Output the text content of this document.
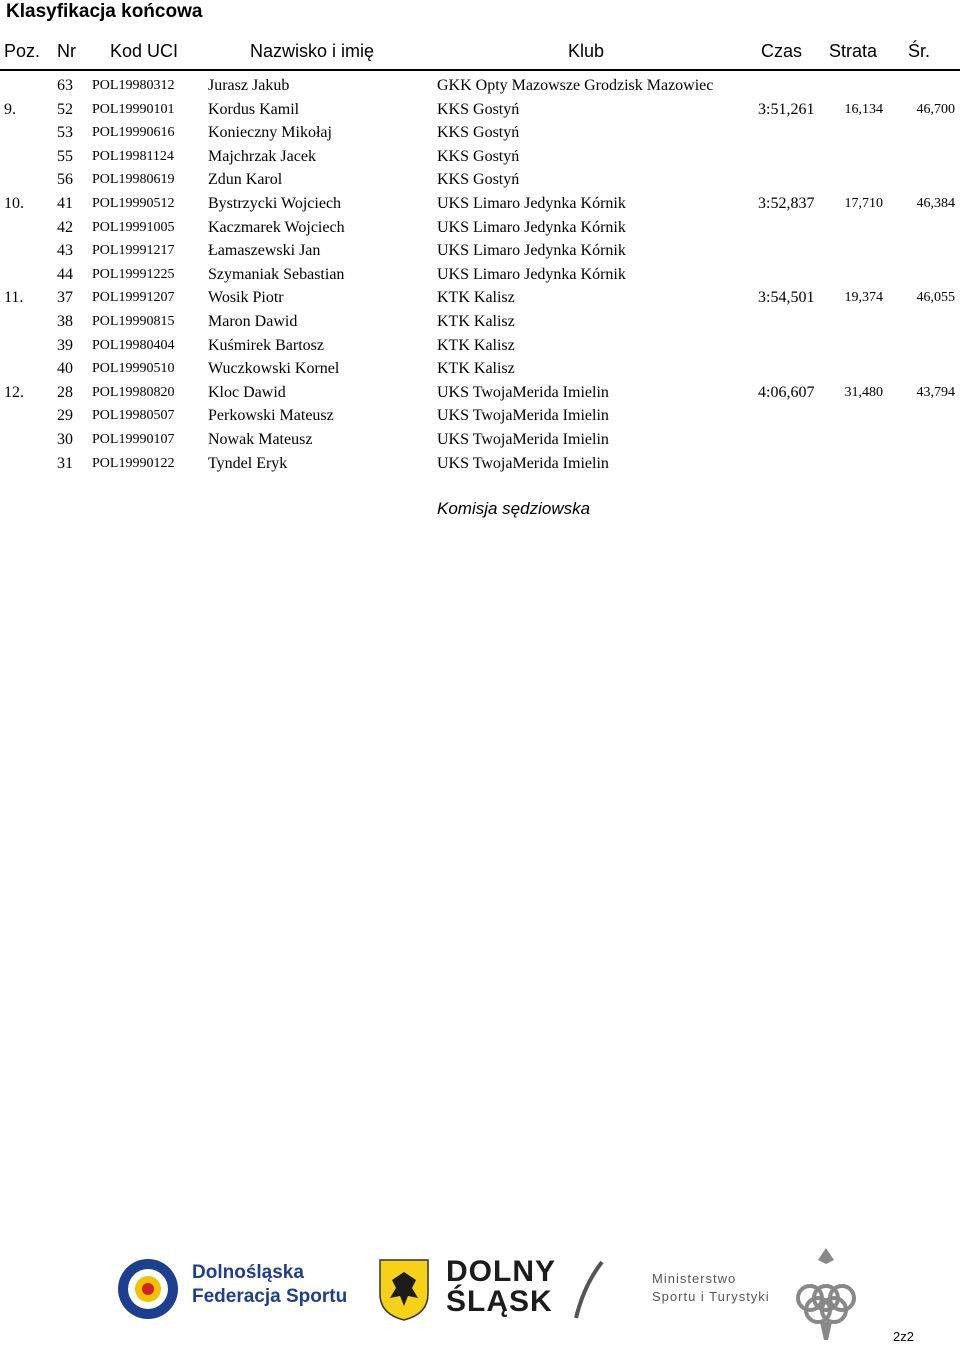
Klasyfikacja końcowa
Poz. Nr Kod UCI	Nazwisko i imię	Klub	Czas Strata Śr.
63 POL19980312 Jurasz Jakub	GKK Opty Mazowsze Grodzisk Mazowiec
9.	52 POL19990101 Kordus Kamil	KKS Gostyń	3:51,261	16,134	46,700
53 POL19990616 Konieczny Mikołaj	KKS Gostyń
55 POL19981124 Majchrzak Jacek	KKS Gostyń
56 POL19980619 Zdun Karol	KKS Gostyń
10. 41 POL19990512 Bystrzycki Wojciech	UKS Limaro Jedynka Kórnik	3:52,837	17,710	46,384
42 POL19991005 Kaczmarek Wojciech	UKS Limaro Jedynka Kórnik
43 POL19991217 Łamaszewski Jan	UKS Limaro Jedynka Kórnik
44 POL19991225 Szymaniak Sebastian	UKS Limaro Jedynka Kórnik
11. 37 POL19991207 Wosik Piotr	KTK Kalisz	3:54,501	19,374	46,055
38 POL19990815 Maron Dawid	KTK Kalisz
39 POL19980404 Kuśmirek Bartosz	KTK Kalisz
40 POL19990510 Wuczkowski Kornel	KTK Kalisz
12. 28 POL19980820 Kloc Dawid	UKS TwojaMerida Imielin	4:06,607	31,480	43,794
29 POL19980507 Perkowski Mateusz	UKS TwojaMerida Imielin
30 POL19990107 Nowak Mateusz	UKS TwojaMerida Imielin
31 POL19990122 Tyndel Eryk	UKS TwojaMerida Imielin
Komisja sędziowska
Dolnośląska
Federacja Sportu
DOLNY
ŚLĄSK
Ministerstwo
Sportu i Turystyki
2z2
